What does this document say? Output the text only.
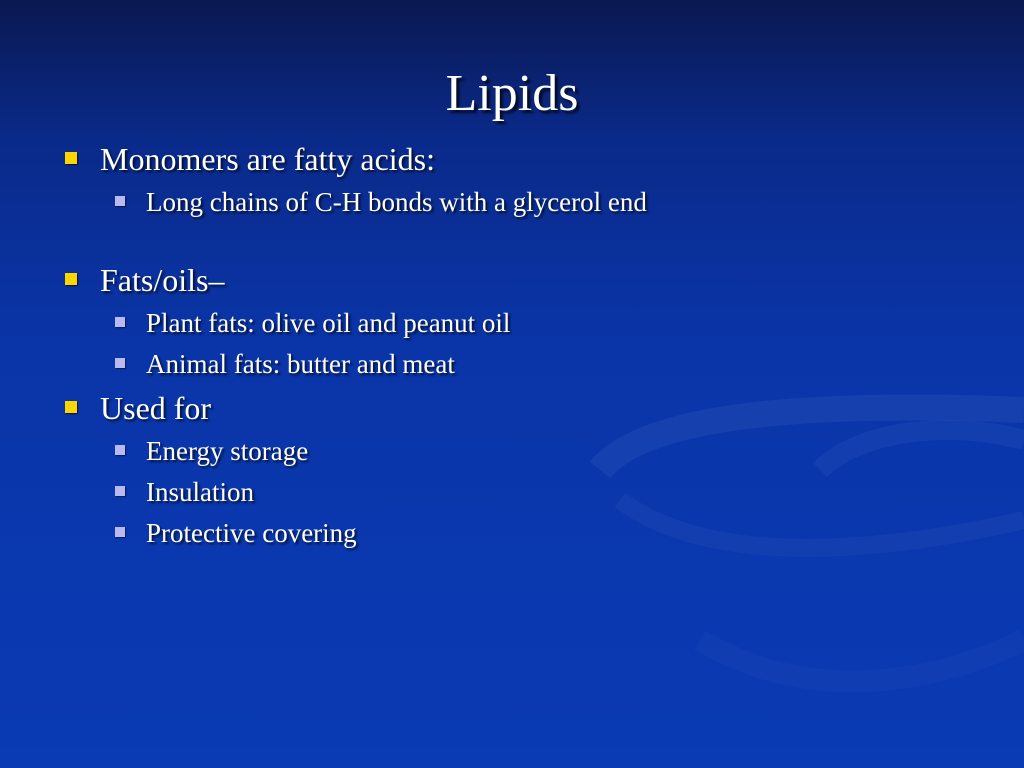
Lipids
Monomers are fatty acids:
Long chains of C-H bonds with a glycerol end
Fats/oils–
Plant fats: olive oil and peanut oil
Animal fats: butter and meat
Used for
Energy storage
Insulation
Protective covering
